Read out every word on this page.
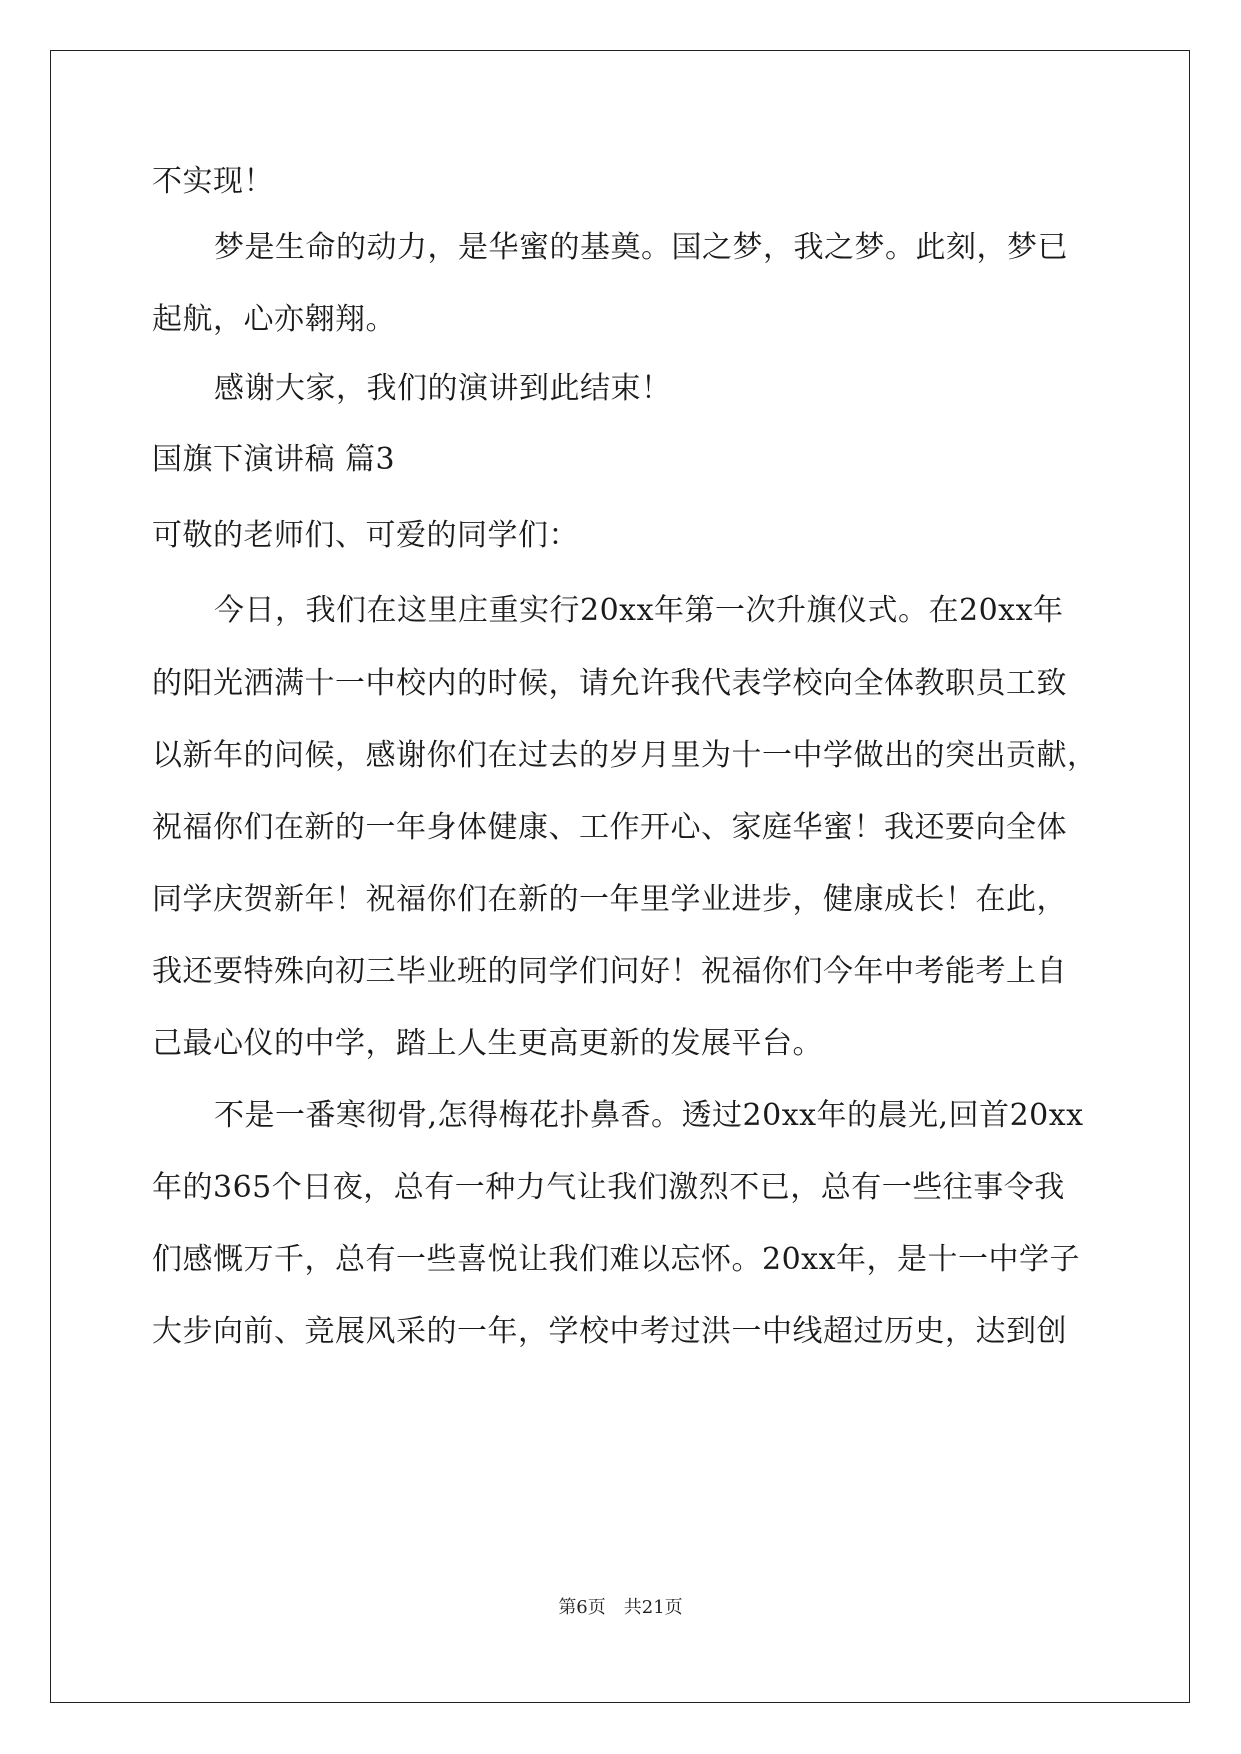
不实现！
梦是生命的动力，是华蜜的基奠。国之梦，我之梦。此刻，梦已
起航，心亦翱翔。
感谢大家，我们的演讲到此结束！
国旗下演讲稿 篇3
可敬的老师们、可爱的同学们：
今日，我们在这里庄重实行20xx年第一次升旗仪式。在20xx年
的阳光洒满十一中校内的时候，请允许我代表学校向全体教职员工致
以新年的问候，感谢你们在过去的岁月里为十一中学做出的突出贡献，
祝福你们在新的一年身体健康、工作开心、家庭华蜜！我还要向全体
同学庆贺新年！祝福你们在新的一年里学业进步，健康成长！在此，
我还要特殊向初三毕业班的同学们问好！祝福你们今年中考能考上自
己最心仪的中学，踏上人生更高更新的发展平台。
不是一番寒彻骨,怎得梅花扑鼻香。透过20xx年的晨光,回首20xx
年的365个日夜，总有一种力气让我们激烈不已，总有一些往事令我
们感慨万千，总有一些喜悦让我们难以忘怀。20xx年，是十一中学子
大步向前、竞展风采的一年，学校中考过洪一中线超过历史，达到创
第6页　共21页
